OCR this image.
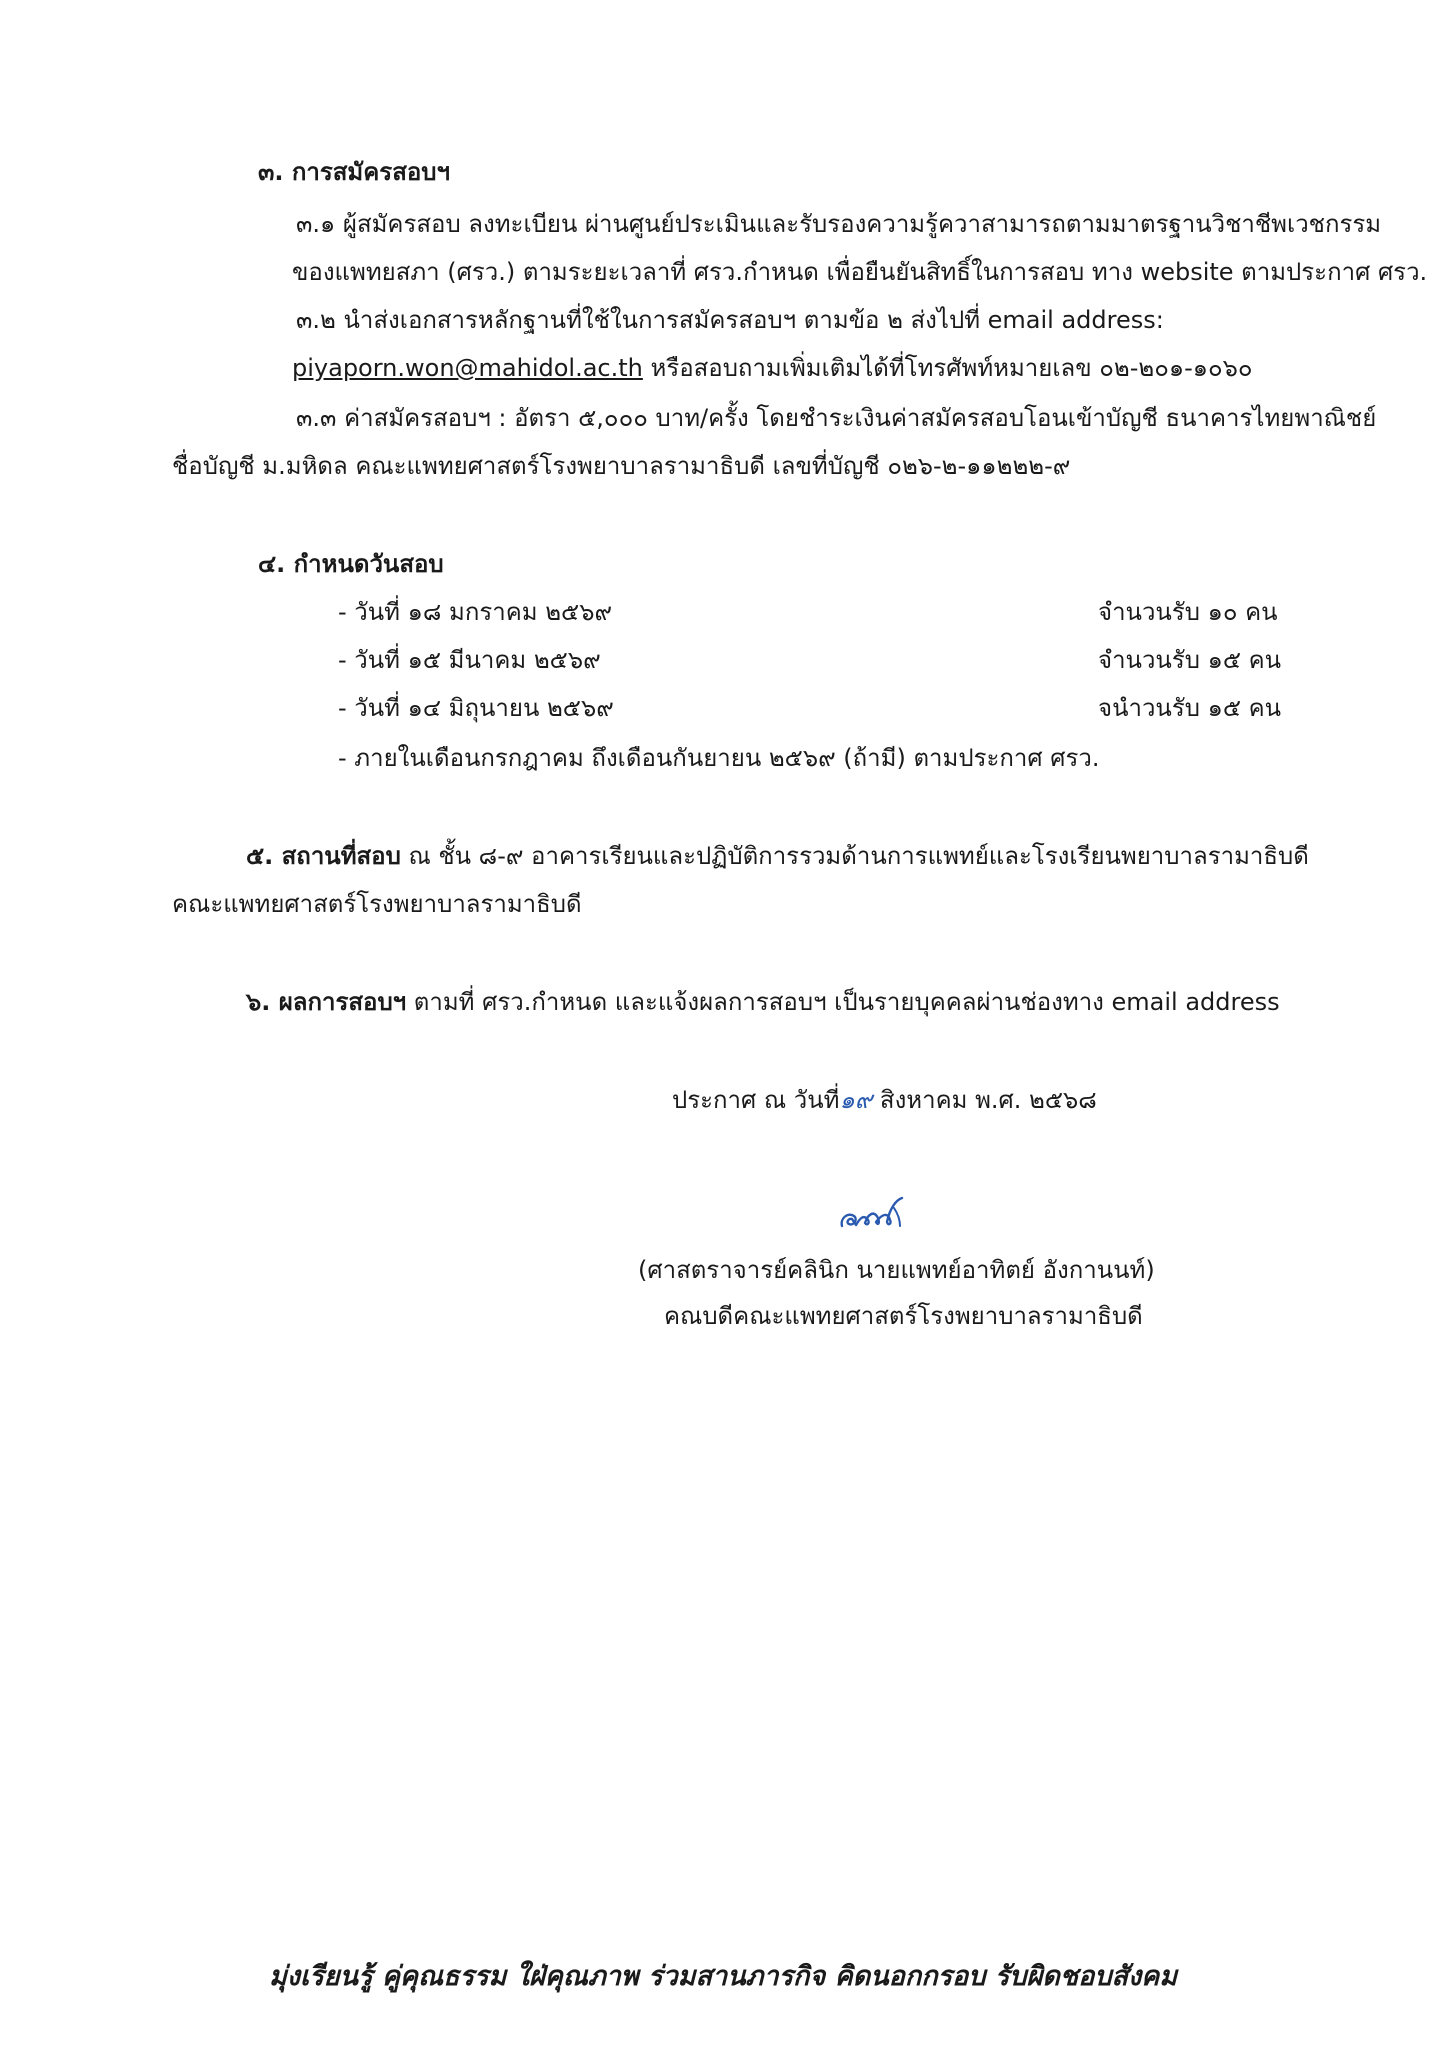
๓. การสมัครสอบฯ
๓.๑ ผู้สมัครสอบ ลงทะเบียน ผ่านศูนย์ประเมินและรับรองความรู้ควาสามารถตามมาตรฐานวิชาชีพเวชกรรม
ของแพทยสภา (ศรว.) ตามระยะเวลาที่ ศรว.กำหนด เพื่อยืนยันสิทธิ์ในการสอบ ทาง website ตามประกาศ ศรว.
๓.๒ นำส่งเอกสารหลักฐานที่ใช้ในการสมัครสอบฯ ตามข้อ ๒ ส่งไปที่ email address:
piyaporn.won@mahidol.ac.th หรือสอบถามเพิ่มเติมได้ที่โทรศัพท์หมายเลข ๐๒-๒๐๑-๑๐๖๐
๓.๓ ค่าสมัครสอบฯ : อัตรา ๕,๐๐๐ บาท/ครั้ง โดยชำระเงินค่าสมัครสอบโอนเข้าบัญชี ธนาคารไทยพาณิชย์
ชื่อบัญชี ม.มหิดล คณะแพทยศาสตร์โรงพยาบาลรามาธิบดี เลขที่บัญชี ๐๒๖-๒-๑๑๒๒๒-๙
๔. กำหนดวันสอบ
- วันที่ ๑๘ มกราคม ๒๕๖๙	จำนวนรับ ๑๐ คน
- วันที่ ๑๕ มีนาคม ๒๕๖๙	จำนวนรับ ๑๕ คน
- วันที่ ๑๔ มิถุนายน ๒๕๖๙	จนำวนรับ ๑๕ คน
- ภายในเดือนกรกฎาคม ถึงเดือนกันยายน ๒๕๖๙ (ถ้ามี) ตามประกาศ ศรว.
๕. สถานที่สอบ ณ ชั้น ๘-๙ อาคารเรียนและปฏิบัติการรวมด้านการแพทย์และโรงเรียนพยาบาลรามาธิบดี
คณะแพทยศาสตร์โรงพยาบาลรามาธิบดี
๖. ผลการสอบฯ ตามที่ ศรว.กำหนด และแจ้งผลการสอบฯ เป็นรายบุคคลผ่านช่องทาง email address
ประกาศ ณ วันที่๑๙ สิงหาคม พ.ศ. ๒๕๖๘
(ศาสตราจารย์คลินิก นายแพทย์อาทิตย์ อังกานนท์)
คณบดีคณะแพทยศาสตร์โรงพยาบาลรามาธิบดี
มุ่งเรียนรู้ คู่คุณธรรม ใฝ่คุณภาพ ร่วมสานภารกิจ คิดนอกกรอบ รับผิดชอบสังคม
